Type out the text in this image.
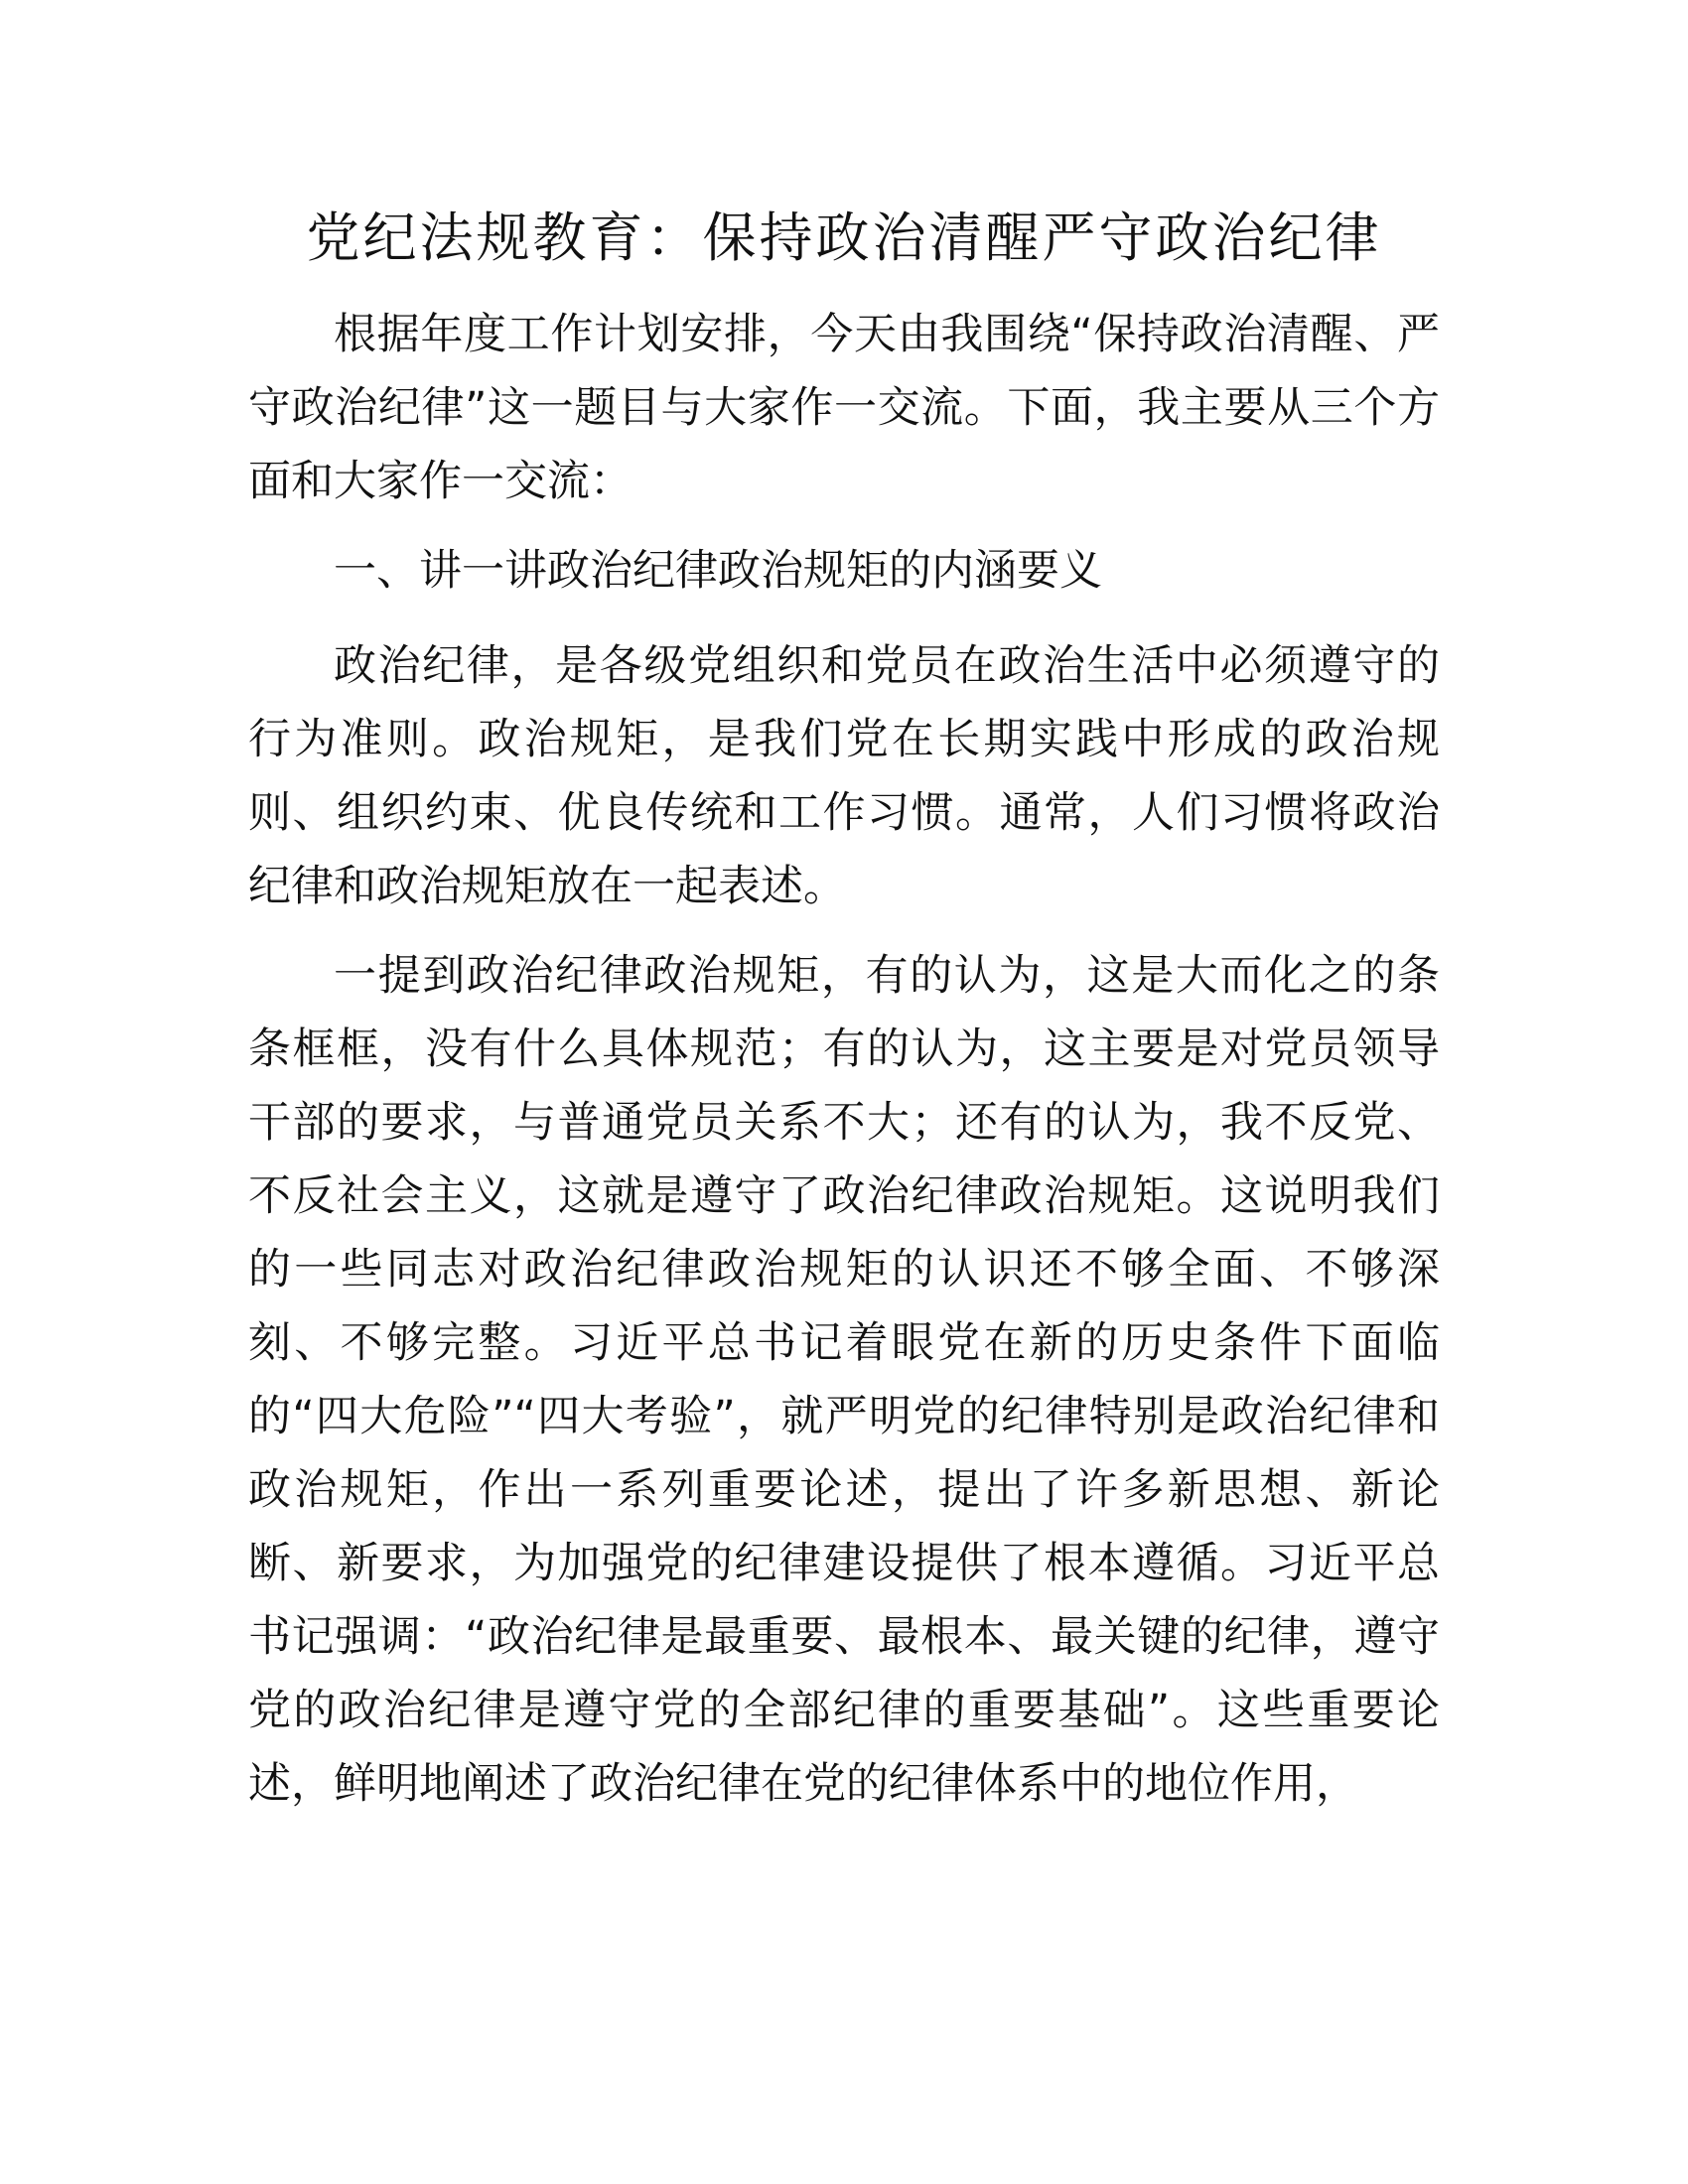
党纪法规教育：保持政治清醒严守政治纪律

根据年度工作计划安排，今天由我围绕“保持政治清醒、严守政治纪律”这一题目与大家作一交流。下面，我主要从三个方面和大家作一交流：

一、讲一讲政治纪律政治规矩的内涵要义

政治纪律，是各级党组织和党员在政治生活中必须遵守的行为准则。政治规矩，是我们党在长期实践中形成的政治规则、组织约束、优良传统和工作习惯。通常，人们习惯将政治纪律和政治规矩放在一起表述。

一提到政治纪律政治规矩，有的认为，这是大而化之的条条框框，没有什么具体规范；有的认为，这主要是对党员领导干部的要求，与普通党员关系不大；还有的认为，我不反党、不反社会主义，这就是遵守了政治纪律政治规矩。这说明我们的一些同志对政治纪律政治规矩的认识还不够全面、不够深刻、不够完整。习近平总书记着眼党在新的历史条件下面临的“四大危险”“四大考验”，就严明党的纪律特别是政治纪律和政治规矩，作出一系列重要论述，提出了许多新思想、新论断、新要求，为加强党的纪律建设提供了根本遵循。习近平总书记强调：“政治纪律是最重要、最根本、最关键的纪律，遵守党的政治纪律是遵守党的全部纪律的重要基础”。这些重要论述，鲜明地阐述了政治纪律在党的纪律体系中的地位作用，
